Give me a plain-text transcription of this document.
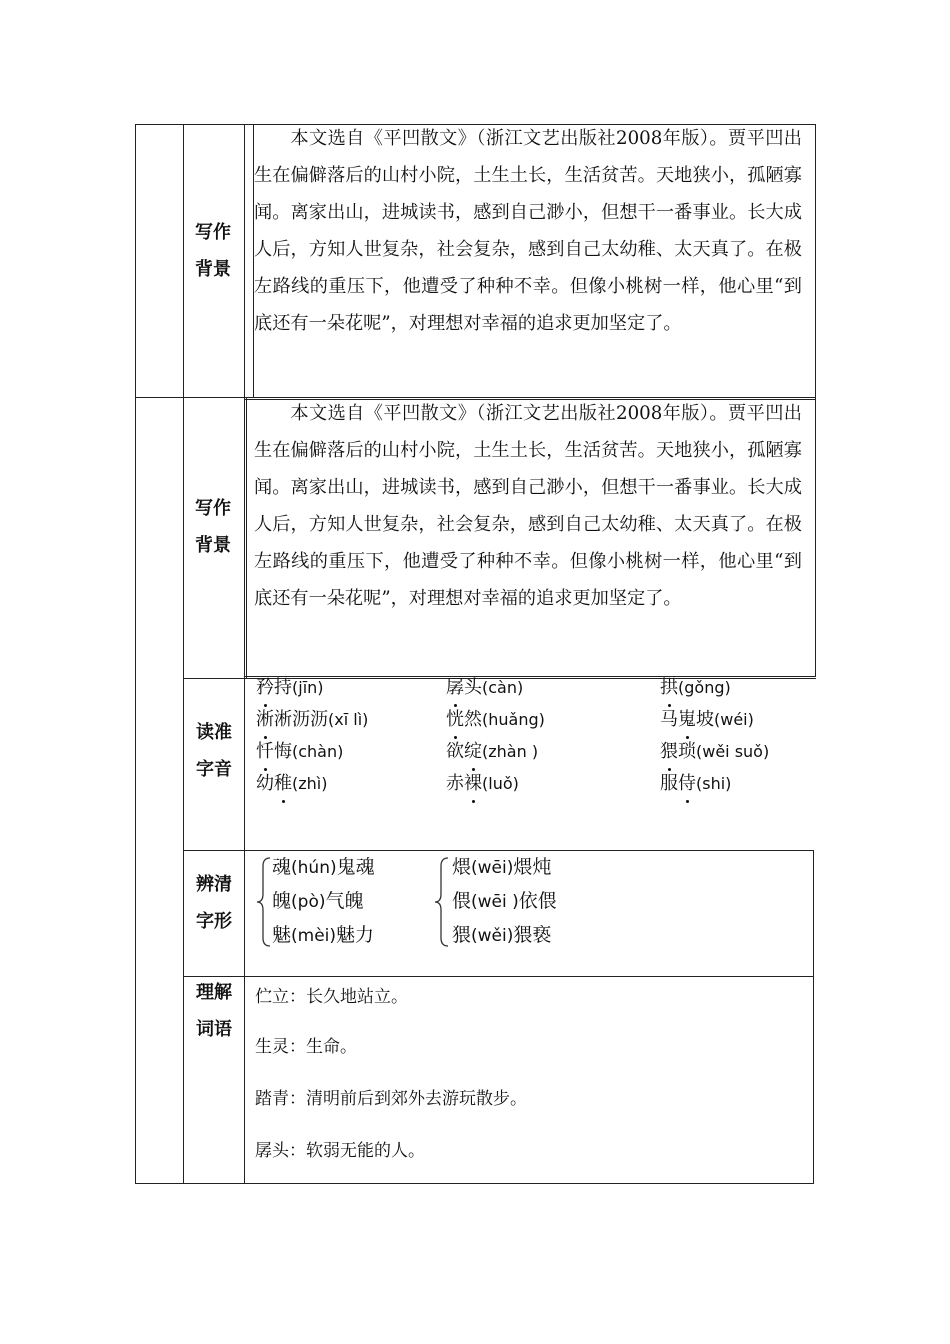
写作
背景

本文选自《平凹散文》（浙江文艺出版社2008年版）。贾平凹出生在偏僻落后的山村小院，土生土长，生活贫苦。天地狭小，孤陋寡闻。离家出山，进城读书，感到自己渺小，但想干一番事业。长大成人后，方知人世复杂，社会复杂，感到自己太幼稚、太天真了。在极左路线的重压下，他遭受了种种不幸。但像小桃树一样，他心里“到底还有一朵花呢”，对理想对幸福的追求更加坚定了。

写作
背景

本文选自《平凹散文》（浙江文艺出版社2008年版）。贾平凹出生在偏僻落后的山村小院，土生土长，生活贫苦。天地狭小，孤陋寡闻。离家出山，进城读书，感到自己渺小，但想干一番事业。长大成人后，方知人世复杂，社会复杂，感到自己太幼稚、太天真了。在极左路线的重压下，他遭受了种种不幸。但像小桃树一样，他心里“到底还有一朵花呢”，对理想对幸福的追求更加坚定了。

读准
字音
矜持(jīn)	孱头(càn)	拱(gǒng)
淅淅沥沥(xī lì)	恍然(huǎng)	马嵬坡(wéi)
忏悔(chàn)	欲绽(zhàn )	猥琐(wěi suǒ)
幼稚(zhì)	赤裸(luǒ)	服侍(shi)
辨清
字形
魂(hún)鬼魂
魄(pò)气魄
魅(mèi)魅力
煨(wēi)煨炖
偎(wēi )依偎
猥(wěi)猥亵
理解
词语
伫立：长久地站立。
生灵：生命。
踏青：清明前后到郊外去游玩散步。
孱头：软弱无能的人。
